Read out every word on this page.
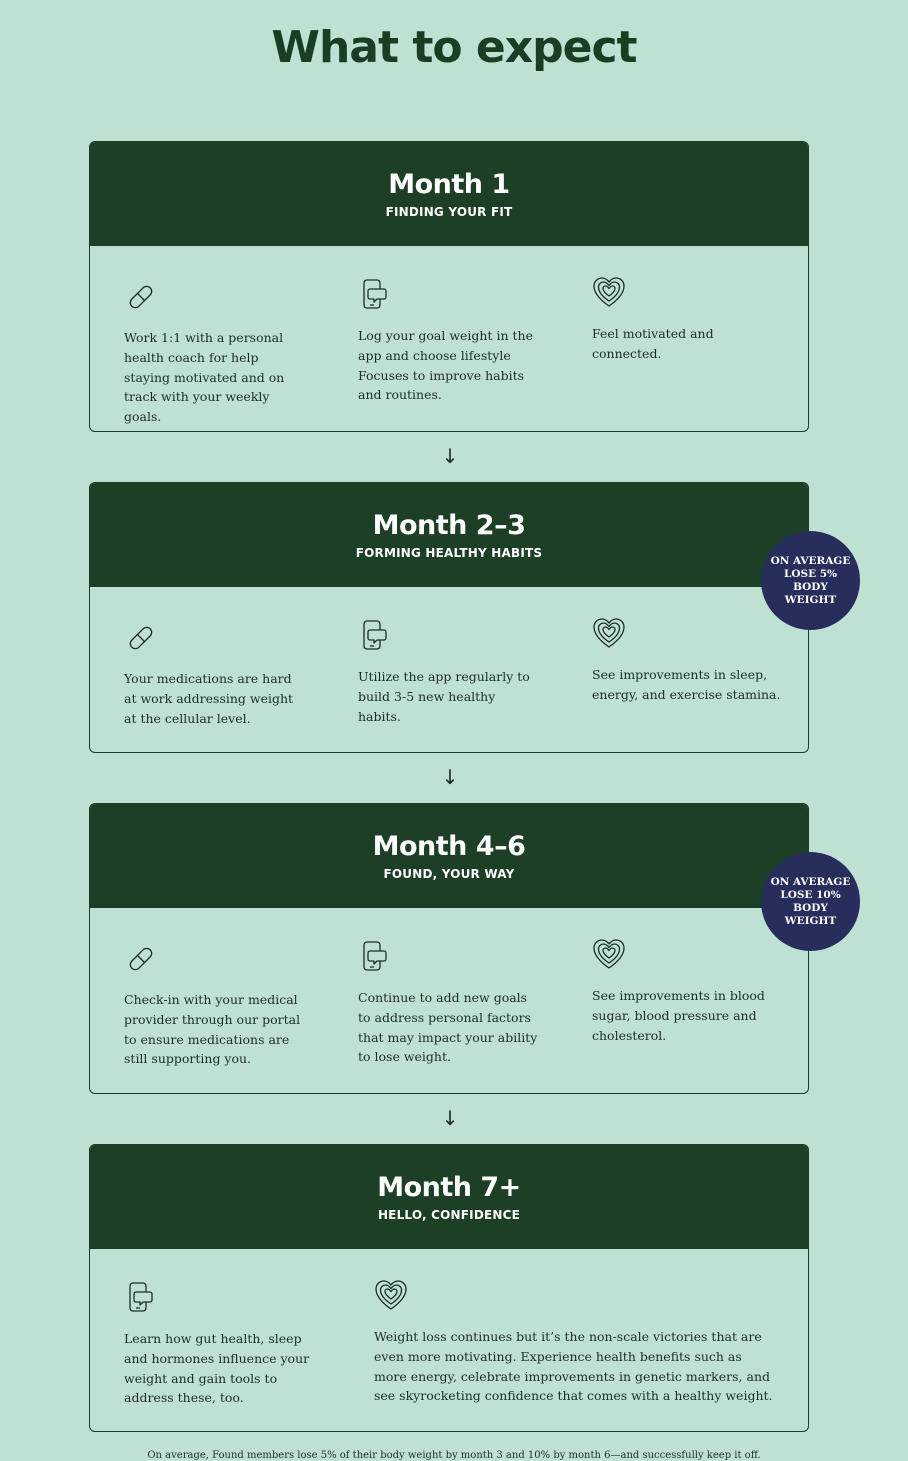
What to expect
Month 1
FINDING YOUR FIT
Work 1:1 with a personal health coach for help staying motivated and on track with your weekly goals.
Log your goal weight in the app and choose lifestyle Focuses to improve habits and routines.
Feel motivated and connected.
↓
Month 2–3
FORMING HEALTHY HABITS
Your medications are hard at work addressing weight at the cellular level.
Utilize the app regularly to build 3-5 new healthy habits.
See improvements in sleep, energy, and exercise stamina.
ON AVERAGE LOSE 5% BODY WEIGHT
↓
Month 4–6
FOUND, YOUR WAY
Check-in with your medical provider through our portal to ensure medications are still supporting you.
Continue to add new goals to address personal factors that may impact your ability to lose weight.
See improvements in blood sugar, blood pressure and cholesterol.
ON AVERAGE LOSE 10% BODY WEIGHT
↓
Month 7+
HELLO, CONFIDENCE
Learn how gut health, sleep and hormones influence your weight and gain tools to address these, too.
Weight loss continues but it’s the non-scale victories that are even more motivating. Experience health benefits such as more energy, celebrate improvements in genetic markers, and see skyrocketing confidence that comes with a healthy weight.
On average, Found members lose 5% of their body weight by month 3 and 10% by month 6—and successfully keep it off.
